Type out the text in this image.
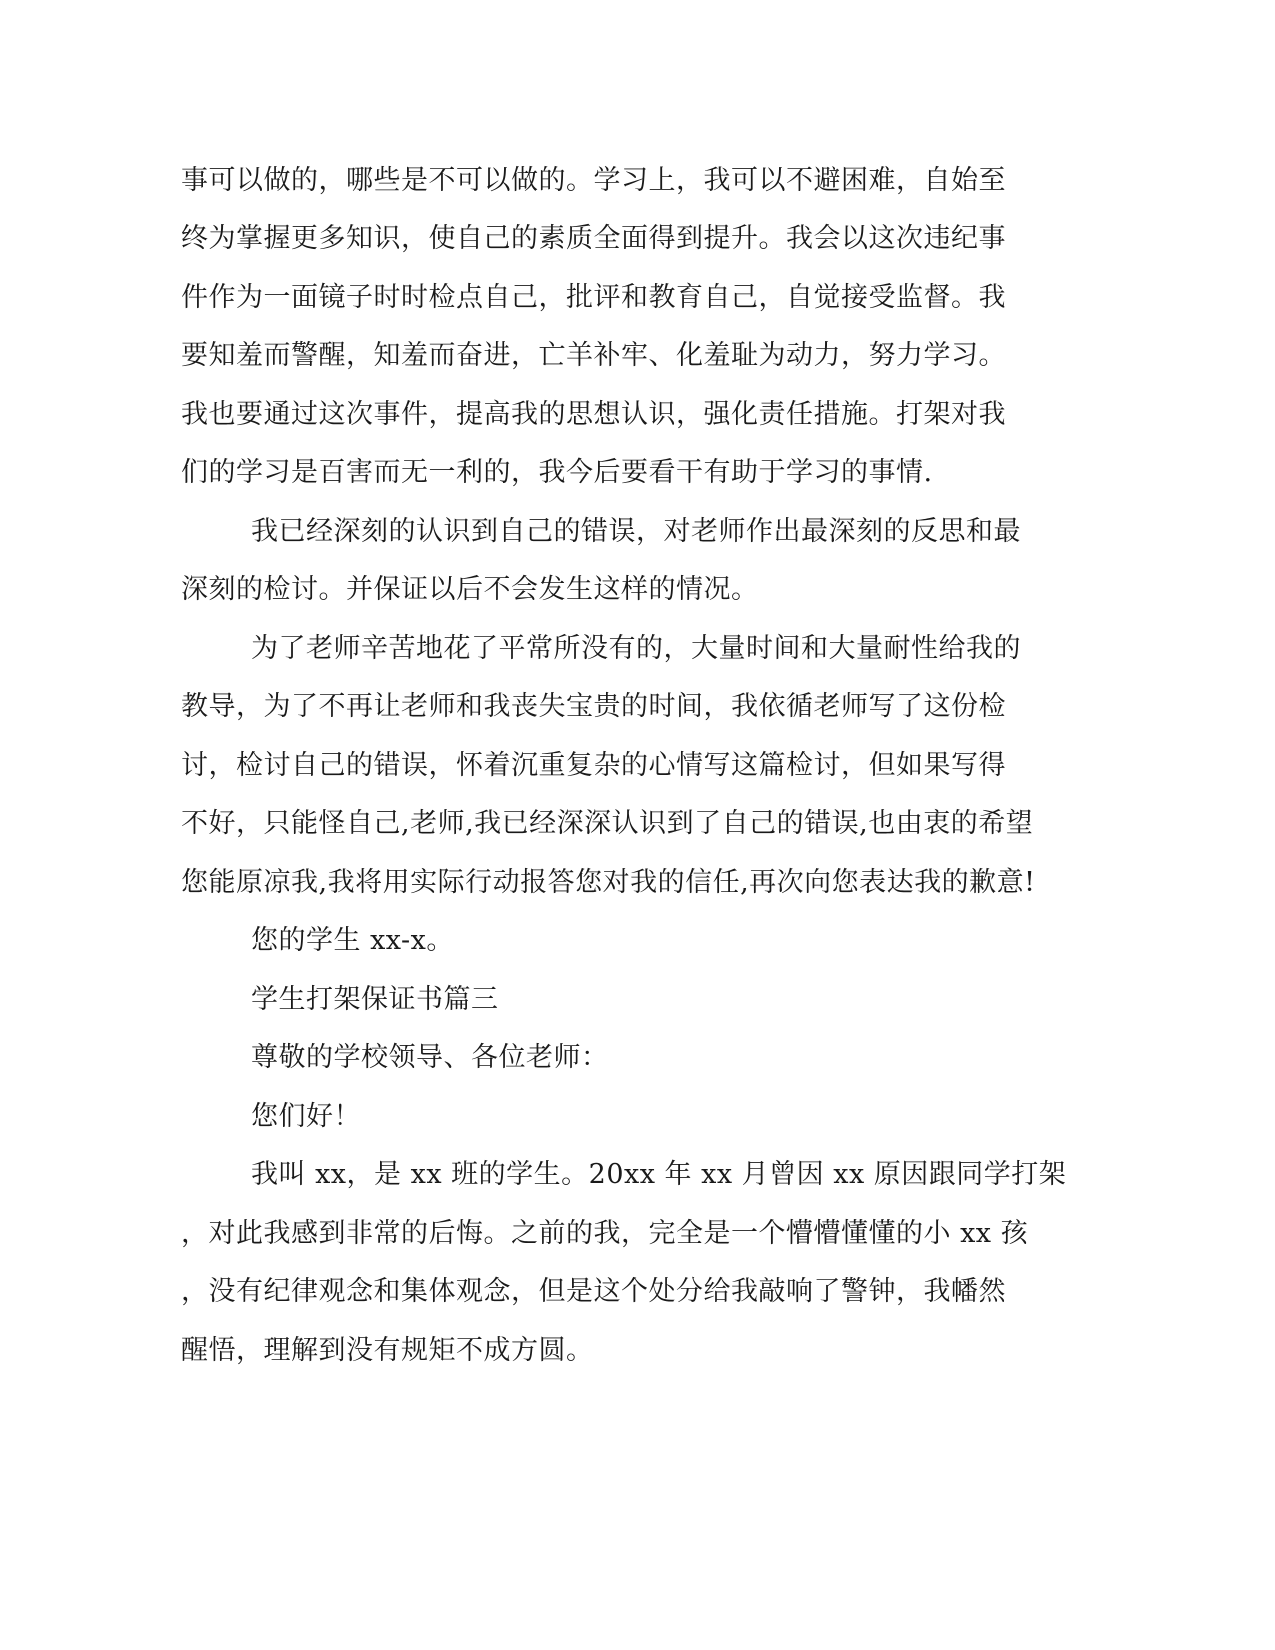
事可以做的，哪些是不可以做的。学习上，我可以不避困难，自始至
终为掌握更多知识，使自己的素质全面得到提升。我会以这次违纪事
件作为一面镜子时时检点自己，批评和教育自己，自觉接受监督。我
要知羞而警醒，知羞而奋进，亡羊补牢、化羞耻为动力，努力学习。
我也要通过这次事件，提高我的思想认识，强化责任措施。打架对我
们的学习是百害而无一利的，我今后要看干有助于学习的事情.
我已经深刻的认识到自己的错误，对老师作出最深刻的反思和最
深刻的检讨。并保证以后不会发生这样的情况。
为了老师辛苦地花了平常所没有的，大量时间和大量耐性给我的
教导，为了不再让老师和我丧失宝贵的时间，我依循老师写了这份检
讨，检讨自己的错误，怀着沉重复杂的心情写这篇检讨，但如果写得
不好，只能怪自己,老师,我已经深深认识到了自己的错误,也由衷的希望
您能原凉我,我将用实际行动报答您对我的信任,再次向您表达我的歉意!
您的学生 xx-x。
学生打架保证书篇三
尊敬的学校领导、各位老师：
您们好！
我叫 xx，是 xx 班的学生。20xx 年 xx 月曾因 xx 原因跟同学打架
，对此我感到非常的后悔。之前的我，完全是一个懵懵懂懂的小 xx 孩
，没有纪律观念和集体观念，但是这个处分给我敲响了警钟，我幡然
醒悟，理解到没有规矩不成方圆。
